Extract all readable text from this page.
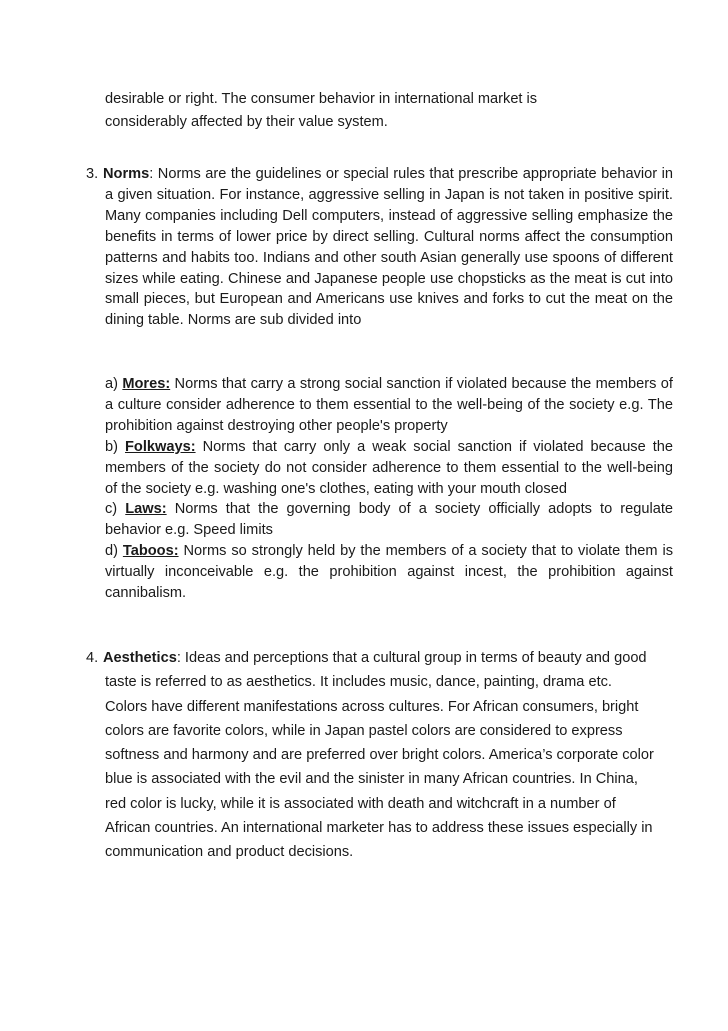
desirable or right. The consumer behavior in international market is considerably affected by their value system.

3. Norms: Norms are the guidelines or special rules that prescribe appropriate behavior in a given situation. For instance, aggressive selling in Japan is not taken in positive spirit. Many companies including Dell computers, instead of aggressive selling emphasize the benefits in terms of lower price by direct selling. Cultural norms affect the consumption patterns and habits too. Indians and other south Asian generally use spoons of different sizes while eating. Chinese and Japanese people use chopsticks as the meat is cut into small pieces, but European and Americans use knives and forks to cut the meat on the dining table. Norms are sub divided into

a) Mores: Norms that carry a strong social sanction if violated because the members of a culture consider adherence to them essential to the well-being of the society e.g. The prohibition against destroying other people's property

b) Folkways: Norms that carry only a weak social sanction if violated because the members of the society do not consider adherence to them essential to the well-being of the society e.g. washing one's clothes, eating with your mouth closed

c) Laws: Norms that the governing body of a society officially adopts to regulate behavior e.g. Speed limits

d) Taboos: Norms so strongly held by the members of a society that to violate them is virtually inconceivable e.g. the prohibition against incest, the prohibition against cannibalism.

4. Aesthetics: Ideas and perceptions that a cultural group in terms of beauty and good taste is referred to as aesthetics. It includes music, dance, painting, drama etc. Colors have different manifestations across cultures. For African consumers, bright colors are favorite colors, while in Japan pastel colors are considered to express softness and harmony and are preferred over bright colors. America’s corporate color blue is associated with the evil and the sinister in many African countries. In China, red color is lucky, while it is associated with death and witchcraft in a number of African countries. An international marketer has to address these issues especially in communication and product decisions.
